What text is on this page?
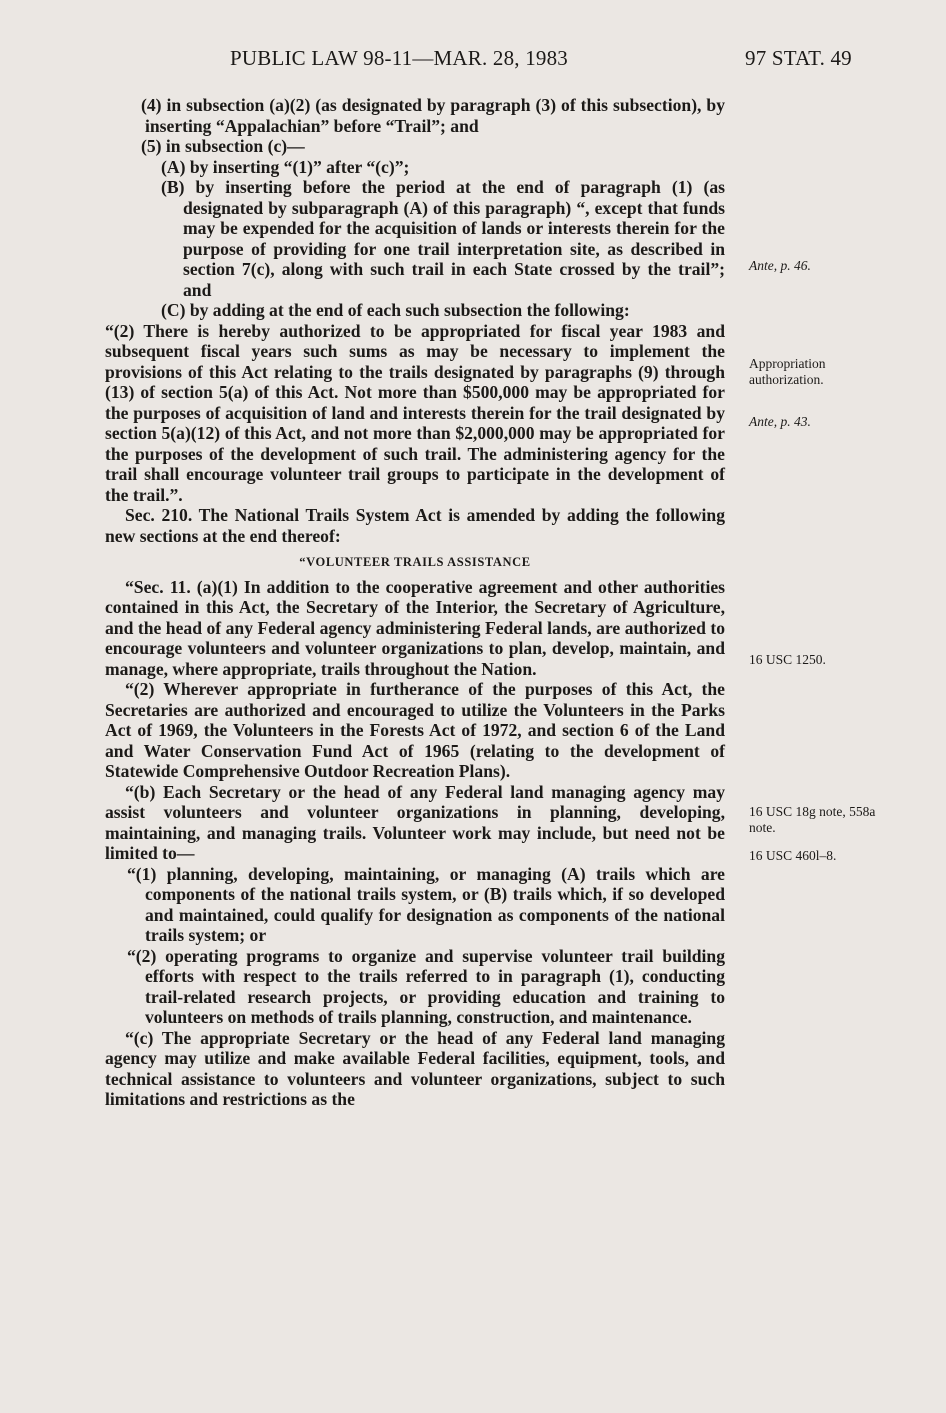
PUBLIC LAW 98-11—MAR. 28, 1983	97 STAT. 49

(4) in subsection (a)(2) (as designated by paragraph (3) of this subsection), by inserting “Appalachian” before “Trail”; and

(5) in subsection (c)—

(A) by inserting “(1)” after “(c)”;

(B) by inserting before the period at the end of paragraph (1) (as designated by subparagraph (A) of this paragraph) “, except that funds may be expended for the acquisition of lands or interests therein for the purpose of providing for one trail interpretation site, as described in section 7(c), along with such trail in each State crossed by the trail”; and

(C) by adding at the end of each such subsection the following:

“(2) There is hereby authorized to be appropriated for fiscal year 1983 and subsequent fiscal years such sums as may be necessary to implement the provisions of this Act relating to the trails designated by paragraphs (9) through (13) of section 5(a) of this Act. Not more than $500,000 may be appropriated for the purposes of acquisition of land and interests therein for the trail designated by section 5(a)(12) of this Act, and not more than $2,000,000 may be appropriated for the purposes of the development of such trail. The administering agency for the trail shall encourage volunteer trail groups to participate in the development of the trail.”.

Sec. 210. The National Trails System Act is amended by adding the following new sections at the end thereof:

“VOLUNTEER TRAILS ASSISTANCE

“Sec. 11. (a)(1) In addition to the cooperative agreement and other authorities contained in this Act, the Secretary of the Interior, the Secretary of Agriculture, and the head of any Federal agency administering Federal lands, are authorized to encourage volunteers and volunteer organizations to plan, develop, maintain, and manage, where appropriate, trails throughout the Nation.

“(2) Wherever appropriate in furtherance of the purposes of this Act, the Secretaries are authorized and encouraged to utilize the Volunteers in the Parks Act of 1969, the Volunteers in the Forests Act of 1972, and section 6 of the Land and Water Conservation Fund Act of 1965 (relating to the development of Statewide Comprehensive Outdoor Recreation Plans).

“(b) Each Secretary or the head of any Federal land managing agency may assist volunteers and volunteer organizations in planning, developing, maintaining, and managing trails. Volunteer work may include, but need not be limited to—

“(1) planning, developing, maintaining, or managing (A) trails which are components of the national trails system, or (B) trails which, if so developed and maintained, could qualify for designation as components of the national trails system; or

“(2) operating programs to organize and supervise volunteer trail building efforts with respect to the trails referred to in paragraph (1), conducting trail-related research projects, or providing education and training to volunteers on methods of trails planning, construction, and maintenance.

“(c) The appropriate Secretary or the head of any Federal land managing agency may utilize and make available Federal facilities, equipment, tools, and technical assistance to volunteers and volunteer organizations, subject to such limitations and restrictions as the

Ante, p. 46.
Appropriation authorization.
Ante, p. 43.
16 USC 1250.
16 USC 18g note, 558a note.
16 USC 460l–8.
